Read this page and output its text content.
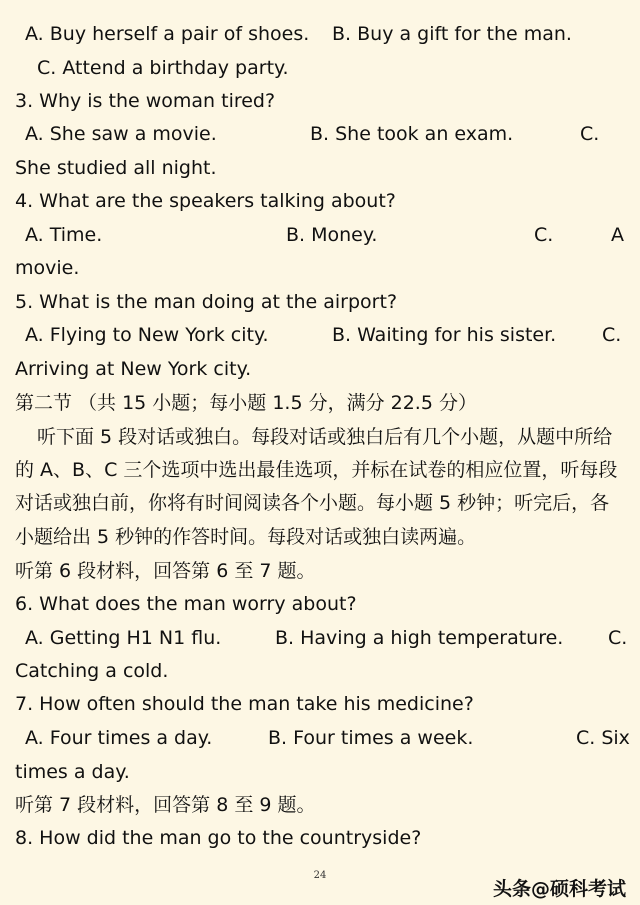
A. Buy herself a pair of shoes. B. Buy a gift for the man.
C. Attend a birthday party.
3. Why is the woman tired?
A. She saw a movie.	B. She took an exam.	C.
She studied all night.
4. What are the speakers talking about?
A. Time.	B. Money.	C.	A
movie.
5. What is the man doing at the airport?
A. Flying to New York city.	B. Waiting for his sister. C.
Arriving at New York city.
第二节 （共 15 小题；每小题 1.5 分，满分 22.5 分）
听下面 5 段对话或独白。每段对话或独白后有几个小题，从题中所给
的 A、B、C 三个选项中选出最佳选项，并标在试卷的相应位置，听每段
对话或独白前，你将有时间阅读各个小题。每小题 5 秒钟；听完后，各
小题给出 5 秒钟的作答时间。每段对话或独白读两遍。
听第 6 段材料，回答第 6 至 7 题。
6. What does the man worry about?
A. Getting H1 N1 flu.	B. Having a high temperature. C.
Catching a cold.
7. How often should the man take his medicine?
A. Four times a day.	B. Four times a week.	C. Six
times a day.
听第 7 段材料，回答第 8 至 9 题。
8. How did the man go to the countryside?
24
头条@硕科考试
